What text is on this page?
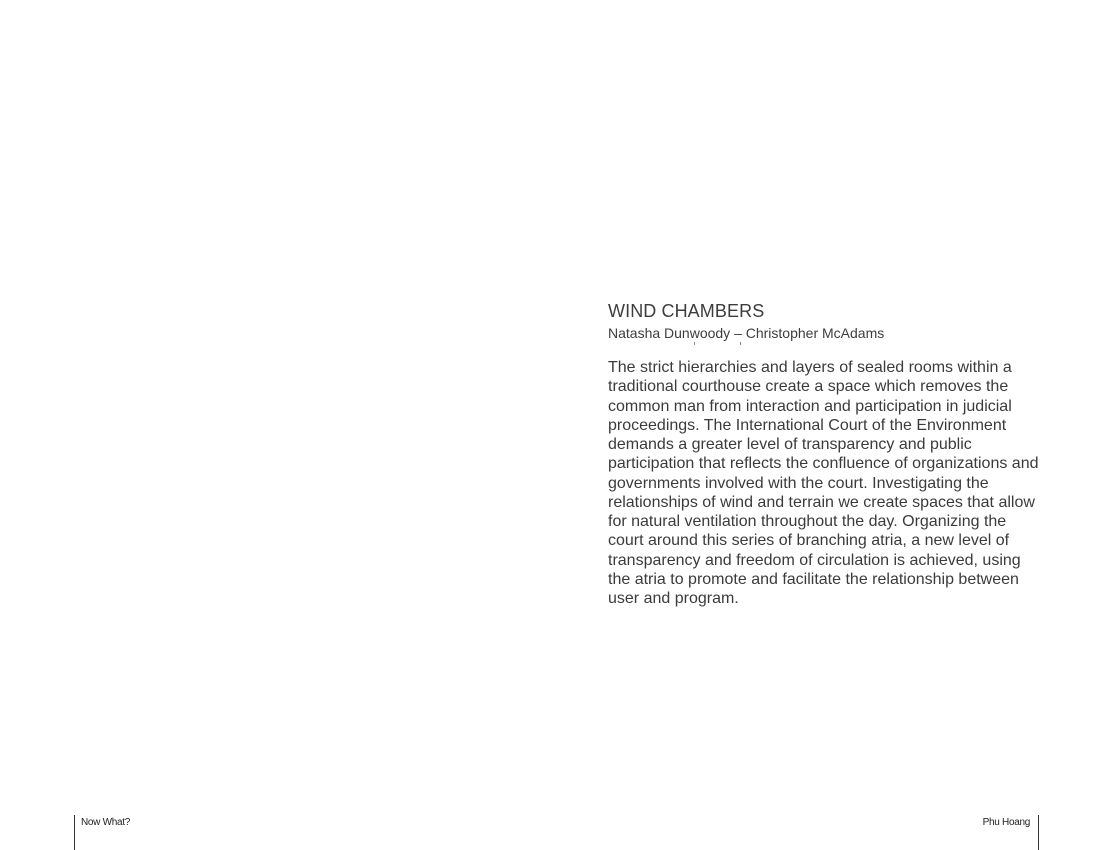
Now What?
WIND CHAMBERS
Natasha Dunwoody – Christopher McAdams

The strict hierarchies and layers of sealed rooms within a traditional courthouse create a space which removes the common man from interaction and participation in judicial proceedings. The International Court of the Environment demands a greater level of transparency and public participation that reflects the confluence of organizations and governments involved with the court. Investigating the relationships of wind and terrain we create spaces that allow for natural ventilation throughout the day. Organizing the court around this series of branching atria, a new level of transparency and freedom of circulation is achieved, using the atria to promote and facilitate the relationship between user and program.

Phu Hoang
